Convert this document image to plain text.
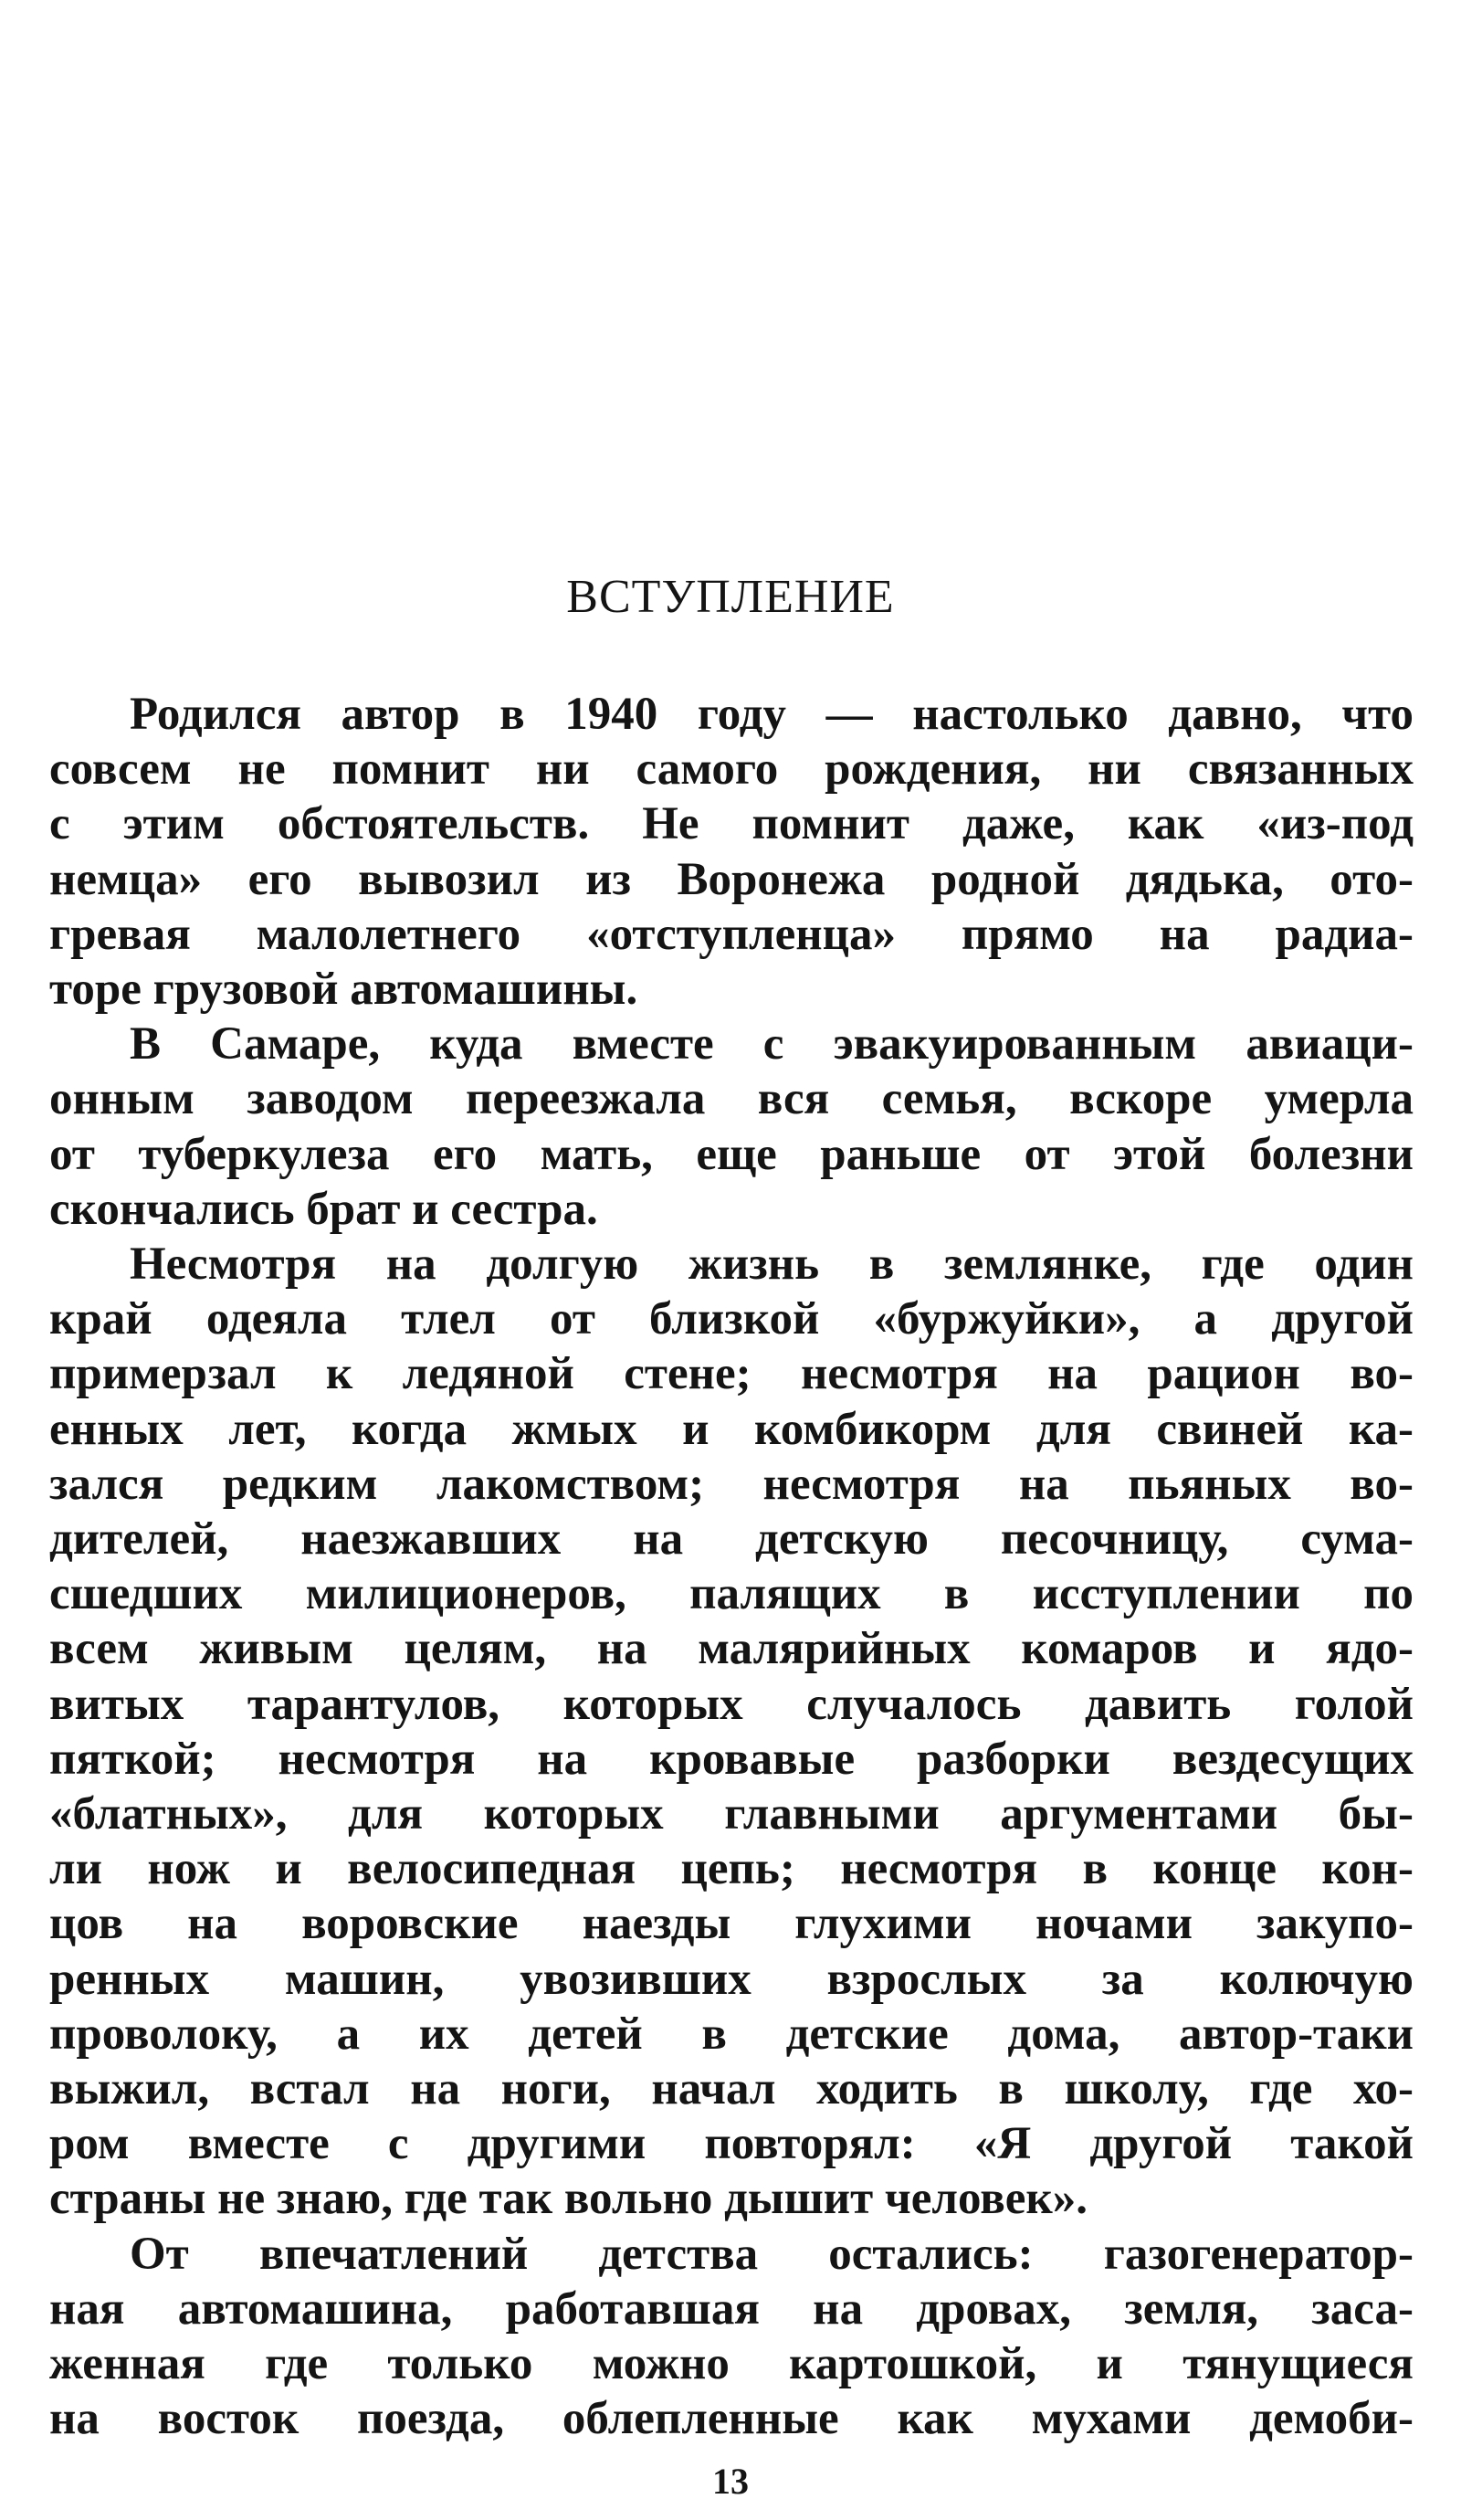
ВСТУПЛЕНИЕ
Родился автор в 1940 году — настолько давно, что
совсем не помнит ни самого рождения, ни связанных
с этим обстоятельств. Не помнит даже, как «из-под
немца» его вывозил из Воронежа родной дядька, ото-
гревая малолетнего «отступленца» прямо на радиа-
торе грузовой автомашины.
В Самаре, куда вместе с эвакуированным авиаци-
онным заводом переезжала вся семья, вскоре умерла
от туберкулеза его мать, еще раньше от этой болезни
скончались брат и сестра.
Несмотря на долгую жизнь в землянке, где один
край одеяла тлел от близкой «буржуйки», а другой
примерзал к ледяной стене; несмотря на рацион во-
енных лет, когда жмых и комбикорм для свиней ка-
зался редким лакомством; несмотря на пьяных во-
дителей, наезжавших на детскую песочницу, сума-
сшедших милиционеров, палящих в исступлении по
всем живым целям, на малярийных комаров и ядо-
витых тарантулов, которых случалось давить голой
пяткой; несмотря на кровавые разборки вездесущих
«блатных», для которых главными аргументами бы-
ли нож и велосипедная цепь; несмотря в конце кон-
цов на воровские наезды глухими ночами закупо-
ренных машин, увозивших взрослых за колючую
проволоку, а их детей в детские дома, автор-таки
выжил, встал на ноги, начал ходить в школу, где хо-
ром вместе с другими повторял: «Я другой такой
страны не знаю, где так вольно дышит человек».
От впечатлений детства остались: газогенератор-
ная автомашина, работавшая на дровах, земля, заса-
женная где только можно картошкой, и тянущиеся
на восток поезда, облепленные как мухами демоби-
13
